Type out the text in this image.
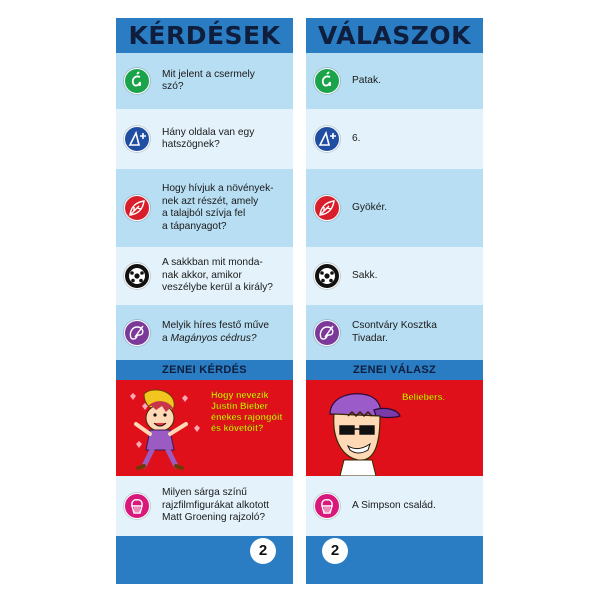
KÉRDÉSEK
Mit jelent a csermely
szó?
Hány oldala van egy
hatszögnek?
Hogy hívjuk a növények-
nek azt részét, amely
a talajból szívja fel
a tápanyagot?
A sakkban mit monda-
nak akkor, amikor
veszélybe kerül a király?
Melyik híres festő műve
a Magányos cédrus?
ZENEI KÉRDÉS
Hogy nevezik
Justin Bieber
énekes rajongóit
és követőit?
Milyen sárga színű
rajzfilmfigurákat alkotott
Matt Groening rajzoló?
2
VÁLASZOK
Patak.
6.
Gyökér.
Sakk.
Csontváry Kosztka
Tivadar.
ZENEI VÁLASZ
Beliebers.
A Simpson család.
2
